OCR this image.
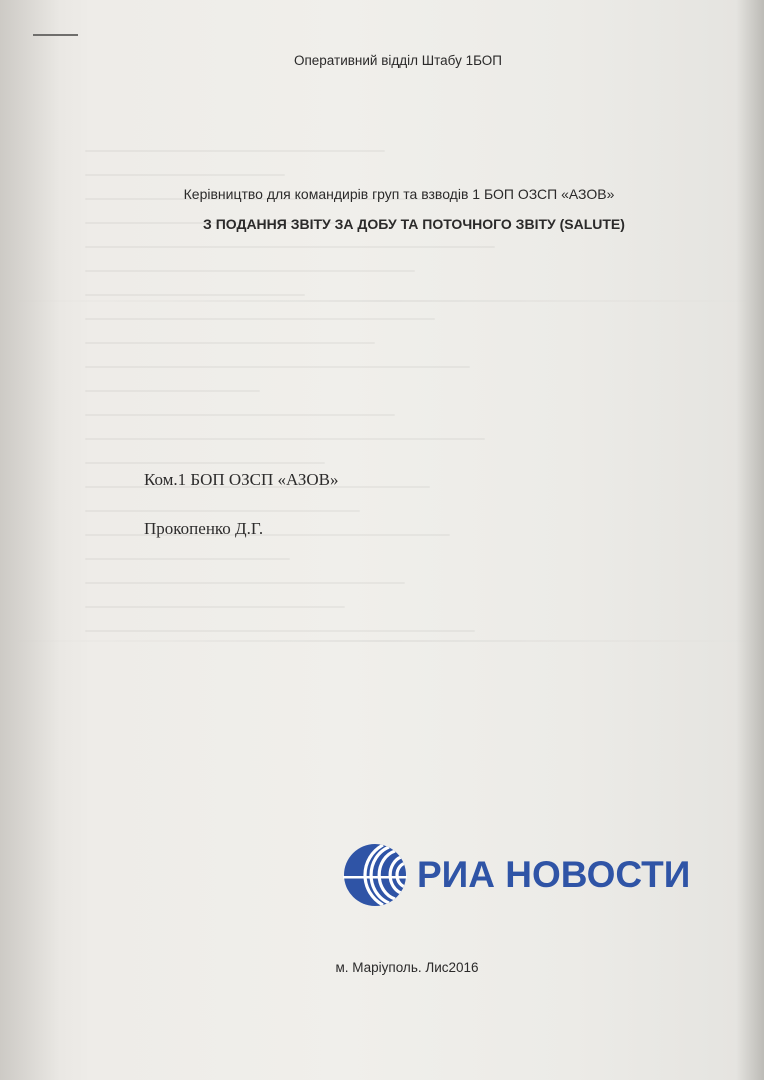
Оперативний відділ Штабу 1БОП
Керівництво для командирів груп та взводів 1 БОП ОЗСП «АЗОВ»
З ПОДАННЯ ЗВІТУ ЗА ДОБУ ТА ПОТОЧНОГО ЗВІТУ (SALUTE)
Ком.1 БОП ОЗСП «АЗОВ»
Прокопенко Д.Г.
РИА НОВОСТИ
м. Маріуполь. Лис2016
